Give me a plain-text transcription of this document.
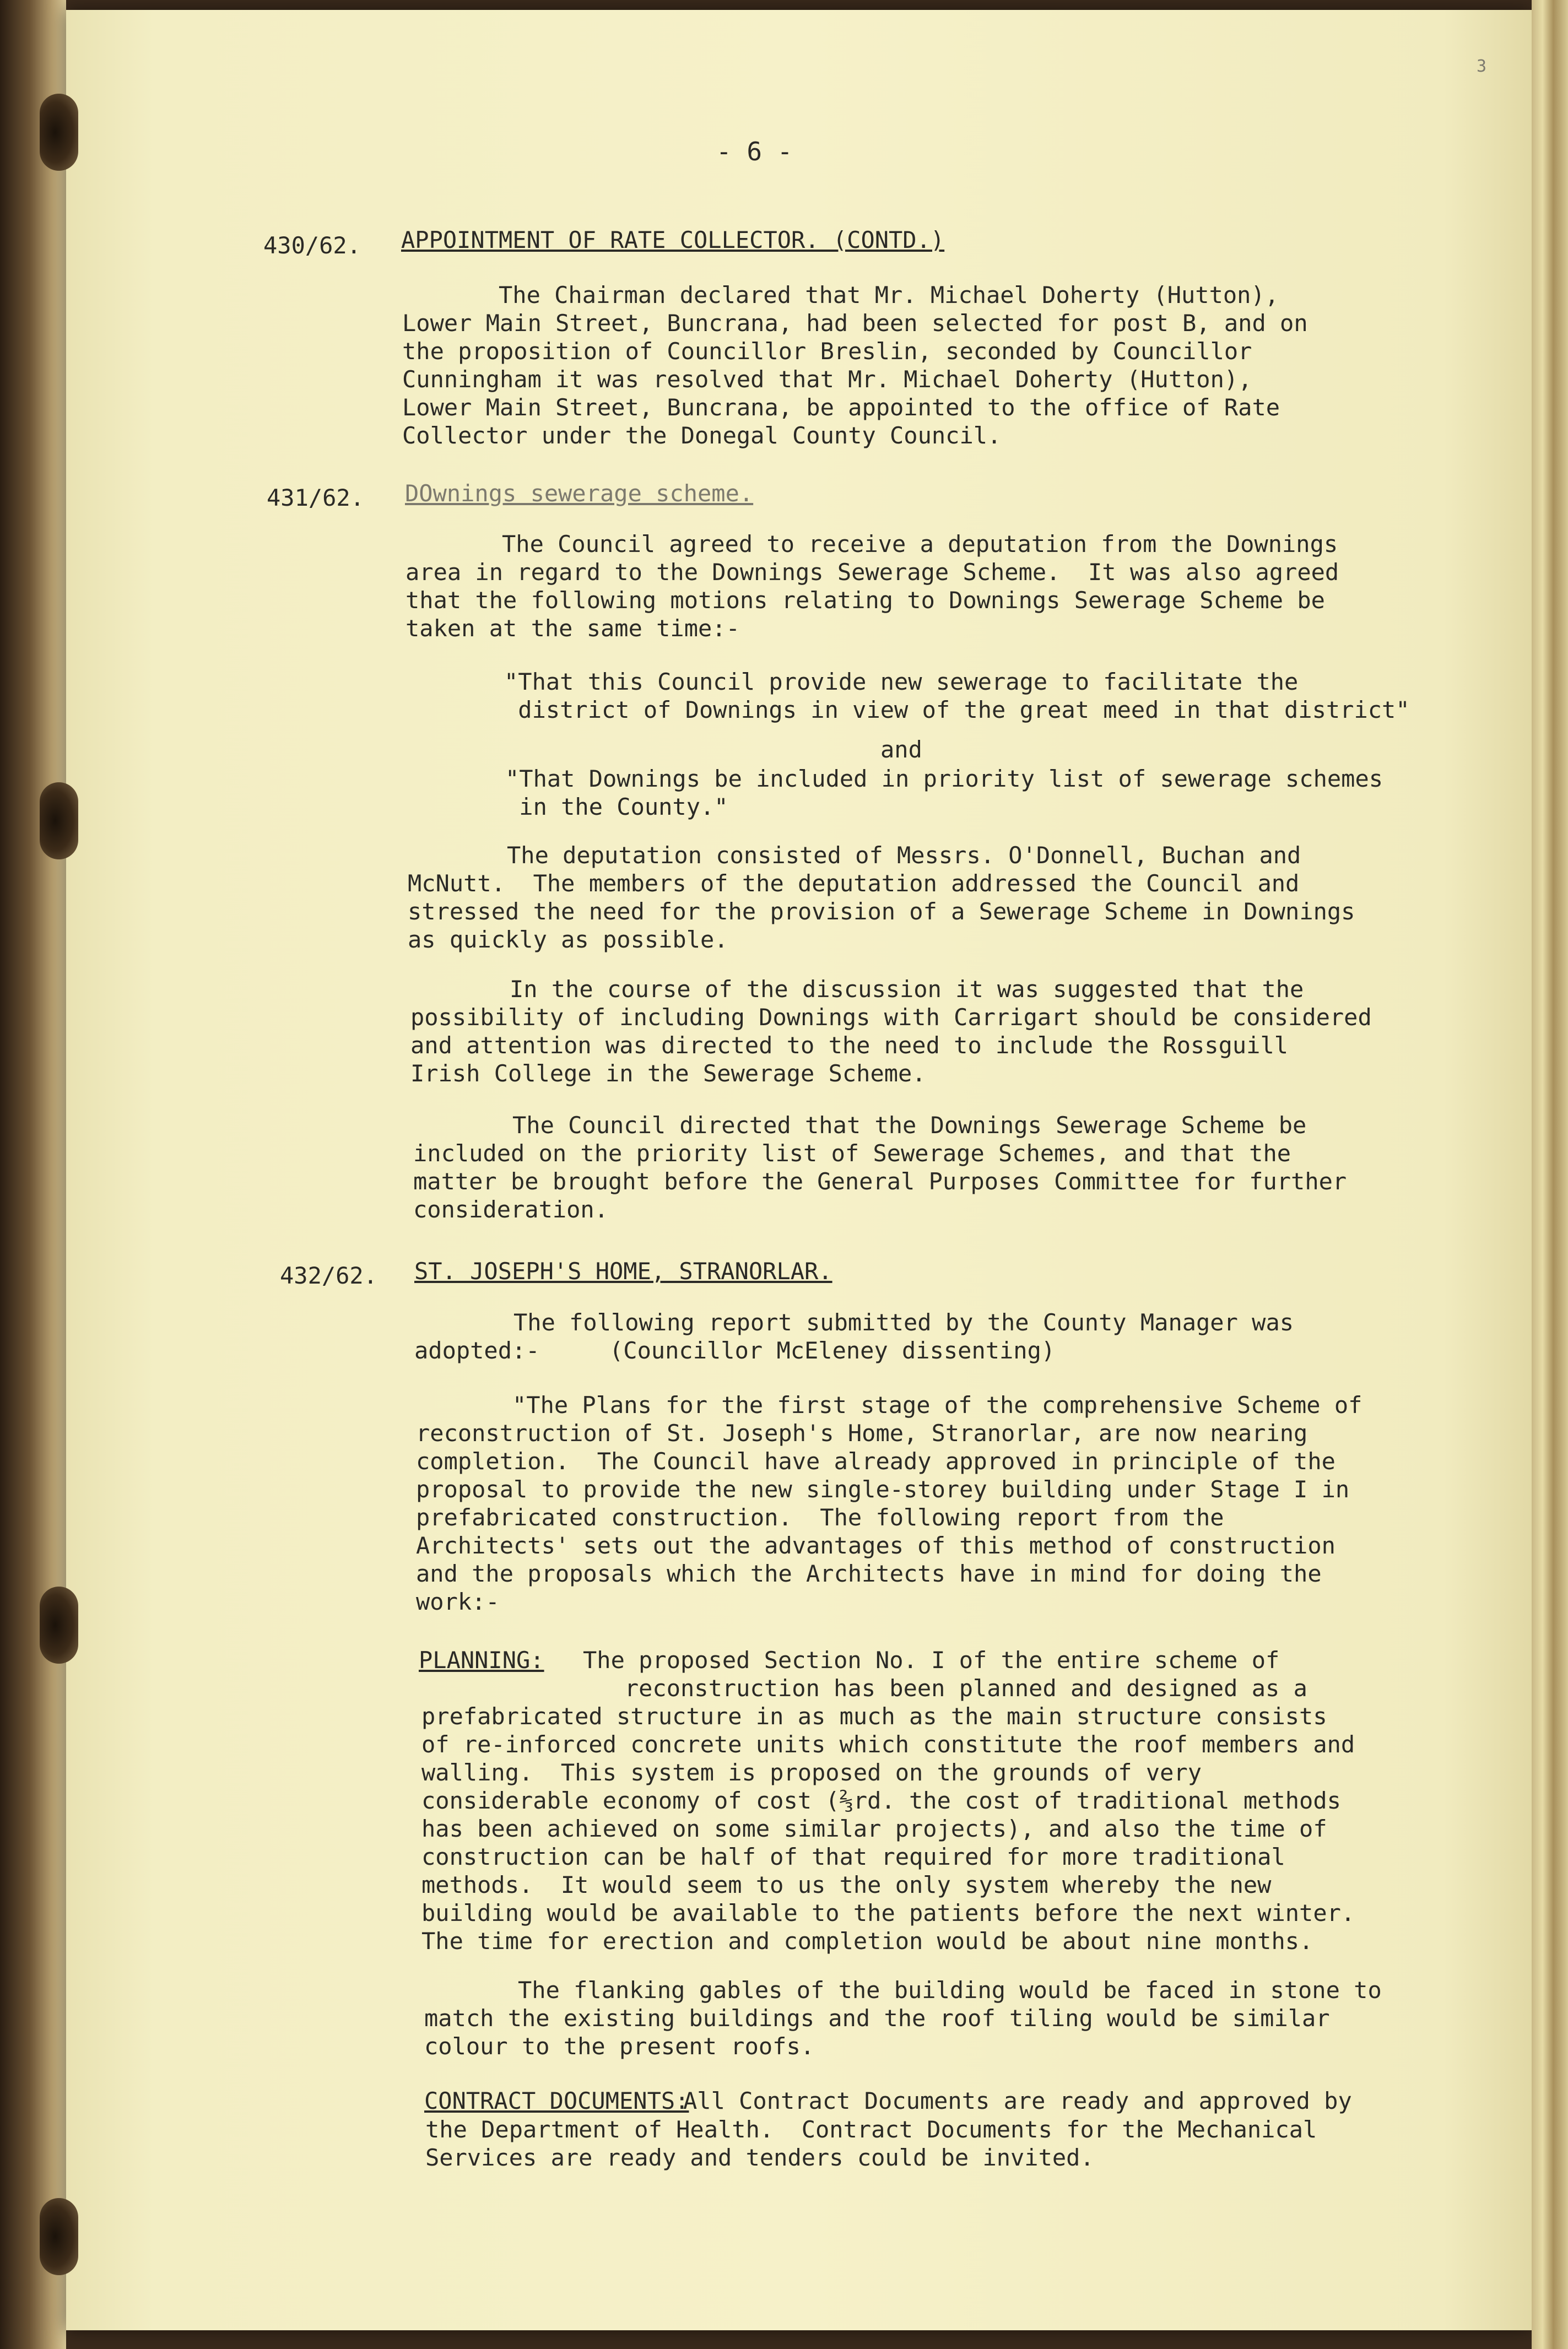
- 6 -
3
430/62. APPOINTMENT OF RATE COLLECTOR. (CONTD.)
The Chairman declared that Mr. Michael Doherty (Hutton),
Lower Main Street, Buncrana, had been selected for post B, and on
the proposition of Councillor Breslin, seconded by Councillor
Cunningham it was resolved that Mr. Michael Doherty (Hutton),
Lower Main Street, Buncrana, be appointed to the office of Rate
Collector under the Donegal County Council.
431/62. DOwnings sewerage scheme.
The Council agreed to receive a deputation from the Downings
area in regard to the Downings Sewerage Scheme.  It was also agreed
that the following motions relating to Downings Sewerage Scheme be
taken at the same time:-
"That this Council provide new sewerage to facilitate the
district of Downings in view of the great meed in that district"
and
"That Downings be included in priority list of sewerage schemes
in the County."
The deputation consisted of Messrs. O'Donnell, Buchan and
McNutt.  The members of the deputation addressed the Council and
stressed the need for the provision of a Sewerage Scheme in Downings
as quickly as possible.
In the course of the discussion it was suggested that the
possibility of including Downings with Carrigart should be considered
and attention was directed to the need to include the Rossguill
Irish College in the Sewerage Scheme.
The Council directed that the Downings Sewerage Scheme be
included on the priority list of Sewerage Schemes, and that the
matter be brought before the General Purposes Committee for further
consideration.
432/62. ST. JOSEPH'S HOME, STRANORLAR.
The following report submitted by the County Manager was
adopted:-     (Councillor McEleney dissenting)
"The Plans for the first stage of the comprehensive Scheme of
reconstruction of St. Joseph's Home, Stranorlar, are now nearing
completion.  The Council have already approved in principle of the
proposal to provide the new single-storey building under Stage I in
prefabricated construction.  The following report from the
Architects' sets out the advantages of this method of construction
and the proposals which the Architects have in mind for doing the
work:-
PLANNING: The proposed Section No. I of the entire scheme of
reconstruction has been planned and designed as a
prefabricated structure in as much as the main structure consists
of re-inforced concrete units which constitute the roof members and
walling.  This system is proposed on the grounds of very
considerable economy of cost (⅔rd. the cost of traditional methods
has been achieved on some similar projects), and also the time of
construction can be half of that required for more traditional
methods.  It would seem to us the only system whereby the new
building would be available to the patients before the next winter.
The time for erection and completion would be about nine months.
The flanking gables of the building would be faced in stone to
match the existing buildings and the roof tiling would be similar
colour to the present roofs.
CONTRACT DOCUMENTS:
All Contract Documents are ready and approved by
the Department of Health.  Contract Documents for the Mechanical
Services are ready and tenders could be invited.
